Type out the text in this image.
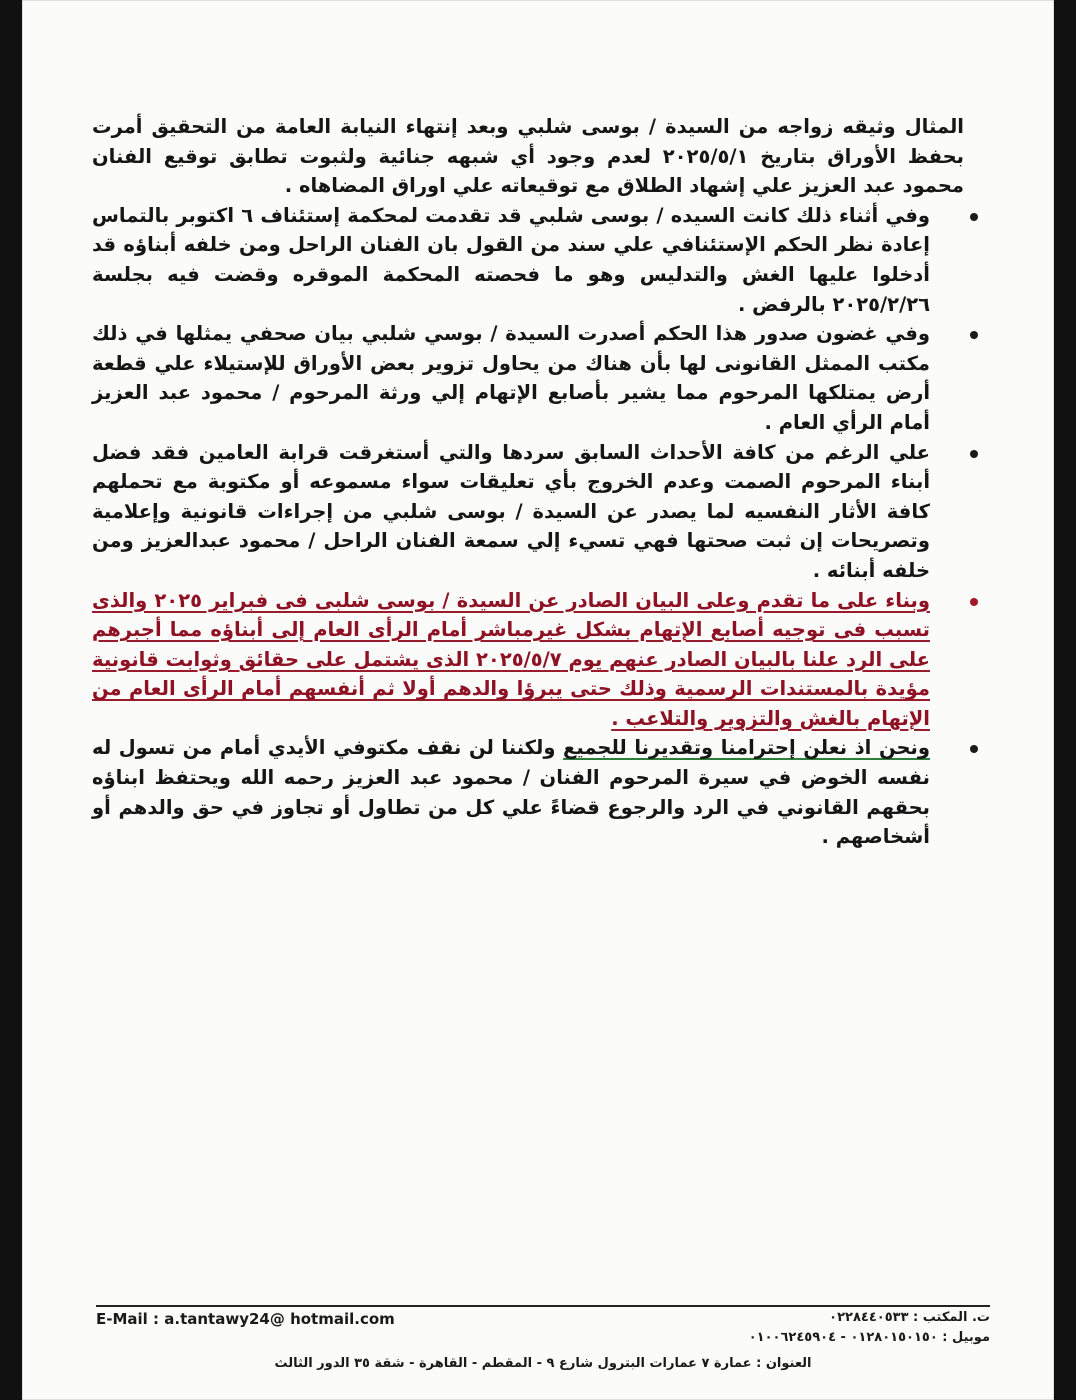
المثال وثيقه زواجه من السيدة / بوسى شلبي وبعد إنتهاء النيابة العامة من التحقيق أمرت بحفظ الأوراق بتاريخ ٢٠٢٥/٥/١ لعدم وجود أي شبهه جنائية ولثبوت تطابق توقيع الفنان محمود عبد العزيز علي إشهاد الطلاق مع توقيعاته علي اوراق المضاهاه .

وفي أثناء ذلك كانت السيده / بوسى شلبي قد تقدمت لمحكمة إستئناف ٦ اكتوبر بالتماس إعادة نظر الحكم الإستئنافي علي سند من القول بان الفنان الراحل ومن خلفه أبناؤه قد أدخلوا عليها الغش والتدليس وهو ما فحصته المحكمة الموقره وقضت فيه بجلسة ٢٠٢٥/٢/٢٦ بالرفض .
وفي غضون صدور هذا الحكم أصدرت السيدة / بوسي شلبي بيان صحفي يمثلها في ذلك مكتب الممثل القانونى لها بأن هناك من يحاول تزوير بعض الأوراق للإستيلاء علي قطعة أرض يمتلكها المرحوم مما يشير بأصابع الإتهام إلي ورثة المرحوم / محمود عبد العزيز أمام الرأي العام .
علي الرغم من كافة الأحداث السابق سردها والتي أستغرقت قرابة العامين فقد فضل أبناء المرحوم الصمت وعدم الخروج بأي تعليقات سواء مسموعه أو مكتوبة مع تحملهم كافة الأثار النفسيه لما يصدر عن السيدة / بوسى شلبي من إجراءات قانونية وإعلامية وتصريحات إن ثبت صحتها فهي تسيء إلي سمعة الفنان الراحل / محمود عبدالعزيز ومن خلفه أبنائه .
وبناء على ما تقدم وعلى البيان الصادر عن السيدة / بوسى شلبى فى فبراير ٢٠٢٥ والذى تسبب فى توجيه أصابع الإتهام بشكل غيرمباشر أمام الرأى العام إلى أبناؤه مما أجبرهم على الرد علنا بالبيان الصادر عنهم يوم ٢٠٢٥/٥/٧ الذى يشتمل على حقائق وثوابت قانونية مؤيدة بالمستندات الرسمية وذلك حتى يبرؤا والدهم أولا ثم أنفسهم أمام الرأى العام من الإتهام بالغش والتزوير والتلاعب .
ونحن اذ نعلن إحترامنا وتقديرنا للجميع ولكننا لن نقف مكتوفي الأيدي أمام من تسول له نفسه الخوض في سيرة المرحوم الفنان / محمود عبد العزيز رحمه الله ويحتفظ ابناؤه بحقهم القانوني في الرد والرجوع قضاءً علي كل من تطاول أو تجاوز في حق والدهم أو أشخاصهم .
E-Mail : a.tantawy24@ hotmail.com	ت. المكتب : ٠٢٢٨٤٤٠٥٣٣
موبيل : ٠١٢٨٠١٥٠١٥٠ - ٠١٠٠٦٢٤٥٩٠٤
العنوان : عمارة ٧ عمارات البترول شارع ٩ - المقطم - القاهرة - شقة ٣٥ الدور الثالث
